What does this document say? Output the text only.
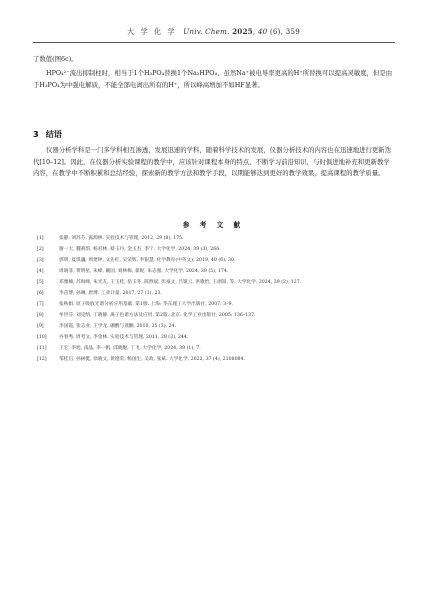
大 学 化 学 Univ. Chem. 2025, 40 (6), 359

了数值(图6c)。

HPO₄²⁻流出抑制柱时，相当于1个H₃PO₄替换1个Na₂HPO₄，虽然Na⁺被电导率更高的H⁺所替换可以提高灵敏度，但是由于H₃PO₄为中强电解质，不能全部电离出所有的H⁺，所以峰高增加不如HF显著。

3 结语

仪器分析学科是一门多学科相互渗透、发展迅速的学科，随着科学技术的发展，仪器分析技术的内容也在迅速地进行更新迭代[10–12]。因此，在仪器分析实验课程的教学中，应该针对课程本身的特点，不断学习前沿知识，与时俱进地补充和更新教学内容，在教学中不断积累和总结经验，探索新的教学方法和教学手段，以期能够达到更好的教学效果，提高课程的教学质量。

参 考 文 献
[1]	张静, 刘苏芬, 露源林. 实验技术与管理, 2012, 29 (8), 175.
[2]	谢一天, 魏莉韵, 杨君林, 蔡玉丹, 金玉杰, 李宁. 大学化学, 2024, 39 (3), 266.
[3]	郭明, 夏琪巍, 周建钟, 文先红, 吴荣辉, 李银慧. 化学教育(中英文), 2019, 40 (6), 30.
[4]	周晓菲, 黄明星, 朱峰, 戴园, 刘林梅, 翟妮, 朱志强. 大学化学, 2024, 39 (5), 174.
[5]	邓雅楠, 苏海峰, 朱光友, 王玉桂, 翁玉冬, 陈煦斌, 彭豪文, 吕银云, 洪歌怡, 王翊知, 等. 大学化学, 2024, 39 (2), 127.
[6]	李茁博, 孙琳, 唐博. 工业计量, 2017, 27 (1), 23.
[7]	张秋娟. 原子吸收光谱分析应用基础. 第1版. 上海: 华东理工大学出版社, 2007: 3–9.
[8]	牟世芬, 刘克纳, 丁晓静. 离子色谱方法及应用. 第2版. 北京: 化学工业出版社, 2005: 136–137.
[9]	李国霞, 张志业, 王学龙. 硼酸与蒸酮, 2010, 25 (3), 24.
[10]	谷春秀, 周考文, 李金林. 实验技术与管理, 2011, 28 (3), 244.
[11]	王宏, 李旭, 南晶, 李一帆, 邱晓艇, 丁飞. 大学化学, 2024, 39 (1), 7.
[12]	邹桂启, 孙树挺, 徐晓文, 黄德荣, 杨国生, 吴政, 张斌. 大学化学, 2022, 37 (4), 2108084.
